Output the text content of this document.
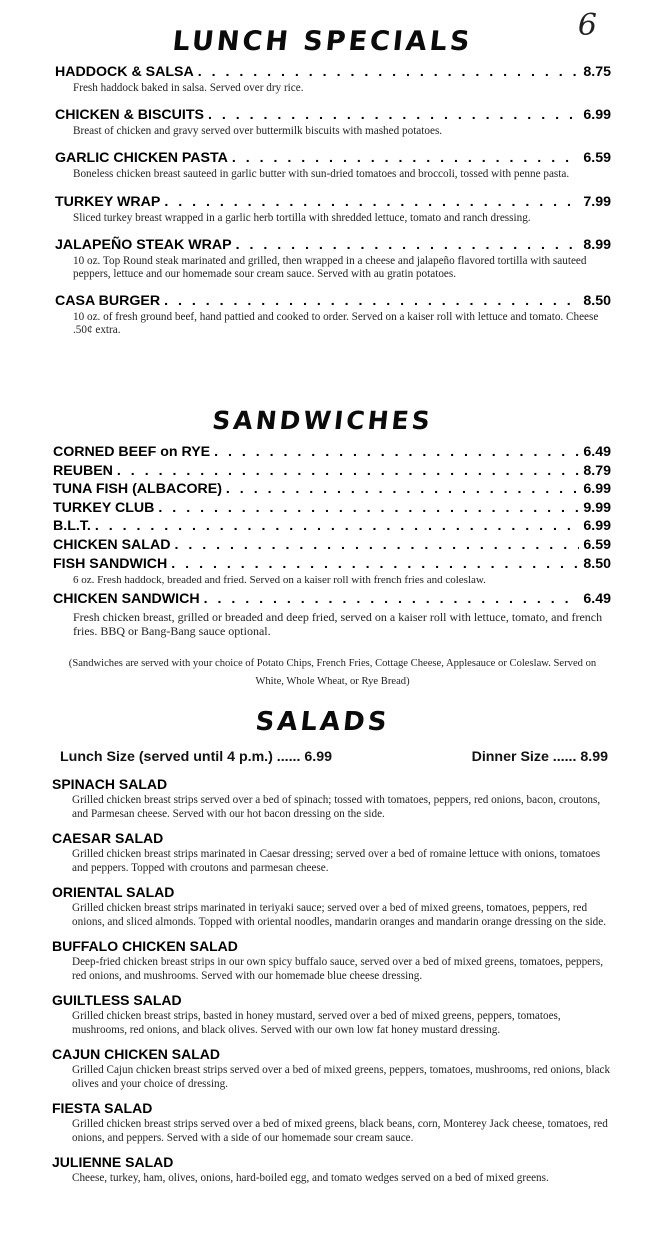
6
LUNCH SPECIALS
HADDOCK & SALSA . . .	8.75
Fresh haddock baked in salsa. Served over dry rice.
CHICKEN & BISCUITS . . .	6.99
Breast of chicken and gravy served over buttermilk biscuits with mashed potatoes.
GARLIC CHICKEN PASTA . . .	6.59
Boneless chicken breast sauteed in garlic butter with sun-dried tomatoes and broccoli, tossed with penne pasta.
TURKEY WRAP . . .	7.99
Sliced turkey breast wrapped in a garlic herb tortilla with shredded lettuce, tomato and ranch dressing.
JALAPEÑO STEAK WRAP . . .	8.99
10 oz. Top Round steak marinated and grilled, then wrapped in a cheese and jalapeño flavored tortilla with sauteed peppers, lettuce and our homemade sour cream sauce. Served with au gratin potatoes.
CASA BURGER . . .	8.50
10 oz. of fresh ground beef, hand pattied and cooked to order. Served on a kaiser roll with lettuce and tomato. Cheese .50¢ extra.
SANDWICHES
CORNED BEEF on RYE . . .	6.49
REUBEN . . .	8.79
TUNA FISH (ALBACORE) . . .	6.99
TURKEY CLUB . . .	9.99
B.L.T. . . .	6.99
CHICKEN SALAD . . .	6.59
FISH SANDWICH . . .	8.50
6 oz. Fresh haddock, breaded and fried. Served on a kaiser roll with french fries and coleslaw.
CHICKEN SANDWICH . . .	6.49
Fresh chicken breast, grilled or breaded and deep fried, served on a kaiser roll with lettuce, tomato, and french fries. BBQ or Bang-Bang sauce optional.
(Sandwiches are served with your choice of Potato Chips, French Fries, Cottage Cheese, Applesauce or Coleslaw. Served on White, Whole Wheat, or Rye Bread)
SALADS
Lunch Size (served until 4 p.m.) ...... 6.99	Dinner Size ...... 8.99
SPINACH SALAD
Grilled chicken breast strips served over a bed of spinach; tossed with tomatoes, peppers, red onions, bacon, croutons, and Parmesan cheese. Served with our hot bacon dressing on the side.
CAESAR SALAD
Grilled chicken breast strips marinated in Caesar dressing; served over a bed of romaine lettuce with onions, tomatoes and peppers. Topped with croutons and parmesan cheese.
ORIENTAL SALAD
Grilled chicken breast strips marinated in teriyaki sauce; served over a bed of mixed greens, tomatoes, peppers, red onions, and sliced almonds. Topped with oriental noodles, mandarin oranges and mandarin orange dressing on the side.
BUFFALO CHICKEN SALAD
Deep-fried chicken breast strips in our own spicy buffalo sauce, served over a bed of mixed greens, tomatoes, peppers, red onions, and mushrooms. Served with our homemade blue cheese dressing.
GUILTLESS SALAD
Grilled chicken breast strips, basted in honey mustard, served over a bed of mixed greens, peppers, tomatoes, mushrooms, red onions, and black olives. Served with our own low fat honey mustard dressing.
CAJUN CHICKEN SALAD
Grilled Cajun chicken breast strips served over a bed of mixed greens, peppers, tomatoes, mushrooms, red onions, black olives and your choice of dressing.
FIESTA SALAD
Grilled chicken breast strips served over a bed of mixed greens, black beans, corn, Monterey Jack cheese, tomatoes, red onions, and peppers. Served with a side of our homemade sour cream sauce.
JULIENNE SALAD
Cheese, turkey, ham, olives, onions, hard-boiled egg, and tomato wedges served on a bed of mixed greens.
